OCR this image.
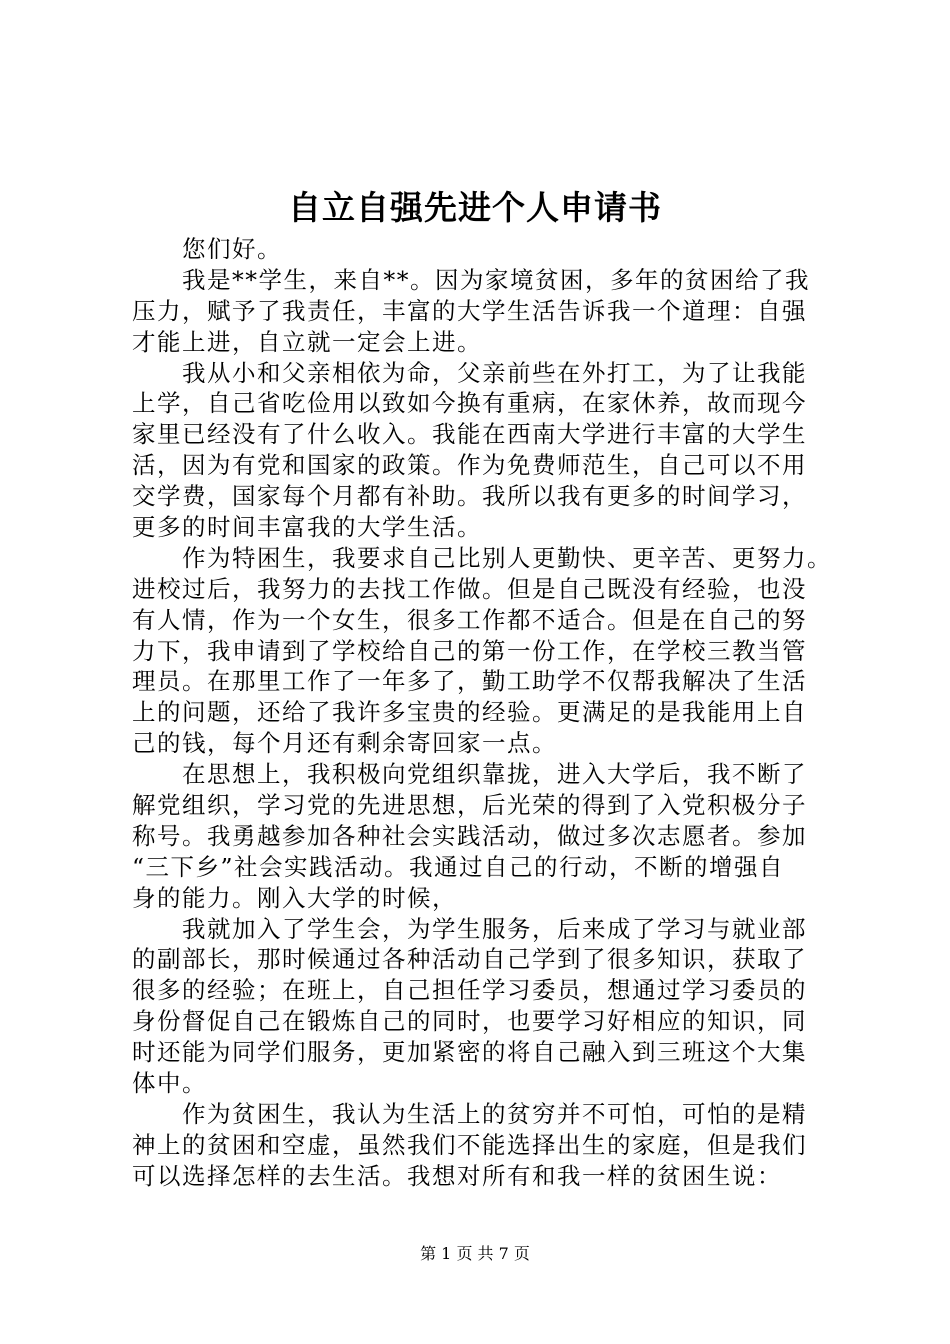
自立自强先进个人申请书
您们好。
我是**学生，来自**。因为家境贫困，多年的贫困给了我
压力，赋予了我责任，丰富的大学生活告诉我一个道理：自强
才能上进，自立就一定会上进。
我从小和父亲相依为命，父亲前些在外打工，为了让我能
上学，自己省吃俭用以致如今换有重病，在家休养，故而现今
家里已经没有了什么收入。我能在西南大学进行丰富的大学生
活，因为有党和国家的政策。作为免费师范生，自己可以不用
交学费，国家每个月都有补助。我所以我有更多的时间学习，
更多的时间丰富我的大学生活。
作为特困生，我要求自己比别人更勤快、更辛苦、更努力。
进校过后，我努力的去找工作做。但是自己既没有经验，也没
有人情，作为一个女生，很多工作都不适合。但是在自己的努
力下，我申请到了学校给自己的第一份工作，在学校三教当管
理员。在那里工作了一年多了，勤工助学不仅帮我解决了生活
上的问题，还给了我许多宝贵的经验。更满足的是我能用上自
己的钱，每个月还有剩余寄回家一点。
在思想上，我积极向党组织靠拢，进入大学后，我不断了
解党组织，学习党的先进思想，后光荣的得到了入党积极分子
称号。我勇越参加各种社会实践活动，做过多次志愿者。参加
“三下乡”社会实践活动。我通过自己的行动，不断的增强自
身的能力。刚入大学的时候，
我就加入了学生会，为学生服务，后来成了学习与就业部
的副部长，那时候通过各种活动自己学到了很多知识，获取了
很多的经验；在班上，自己担任学习委员，想通过学习委员的
身份督促自己在锻炼自己的同时，也要学习好相应的知识，同
时还能为同学们服务，更加紧密的将自己融入到三班这个大集
体中。
作为贫困生，我认为生活上的贫穷并不可怕，可怕的是精
神上的贫困和空虚，虽然我们不能选择出生的家庭，但是我们
可以选择怎样的去生活。我想对所有和我一样的贫困生说：
第 1 页 共 7 页
